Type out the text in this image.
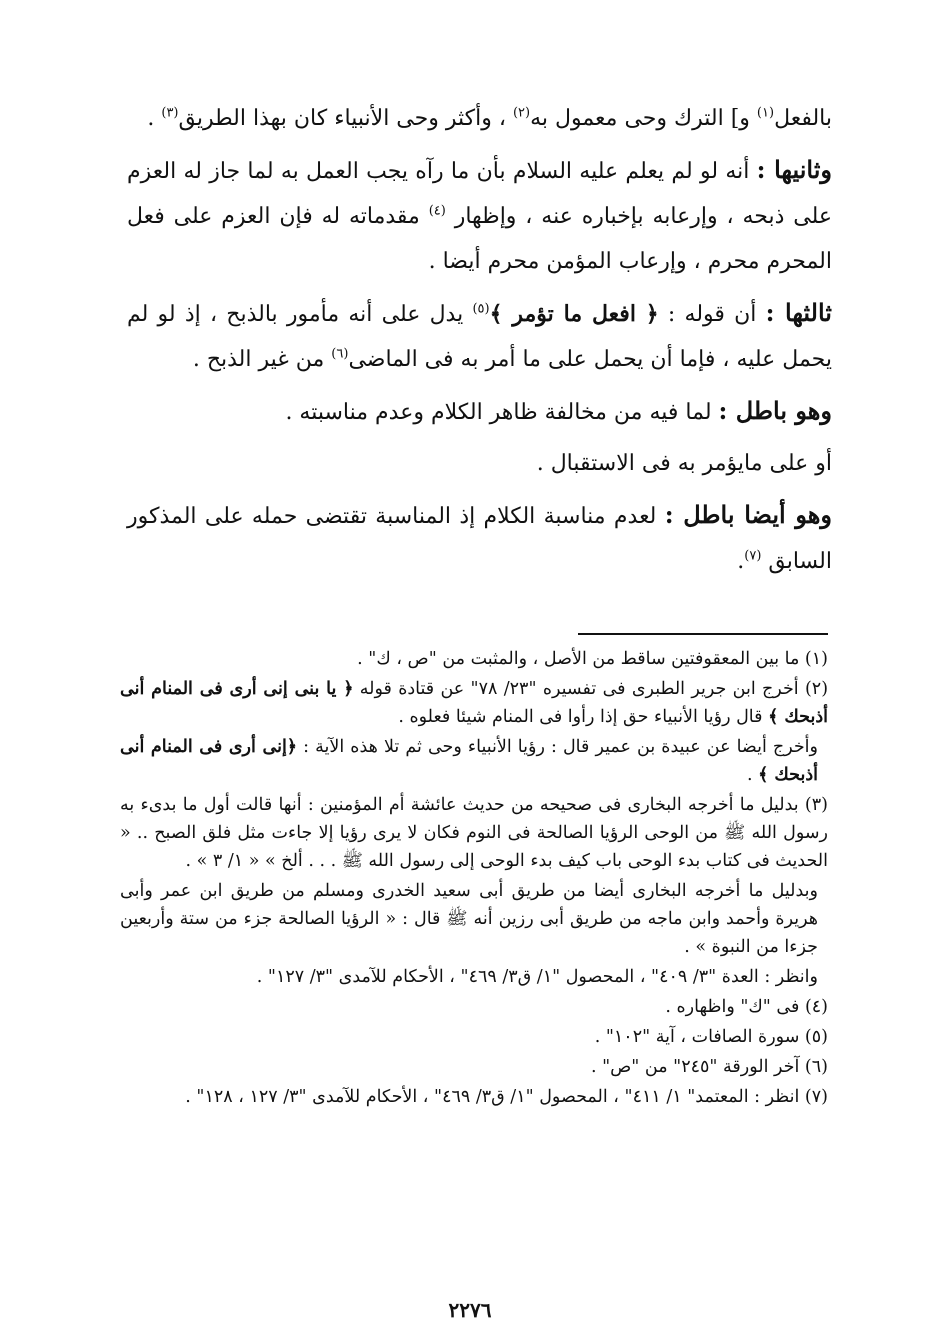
بالفعل$^{(١)}$ و] الترك وحى معمول به$^{(٢)}$ ، وأكثر وحى الأنبياء كان بهذا الطريق$^{(٣)}$ .

وثانيها : أنه لو لم يعلم عليه السلام بأن ما رآه يجب العمل به لما جاز له العزم على ذبحه ، وإرعابه بإخباره عنه ، وإظهار $^{(٤)}$ مقدماته له فإن العزم على فعل المحرم محرم ، وإرعاب المؤمن محرم أيضا .

ثالثها : أن قوله : ﴿ افعل ما تؤمر ﴾$^{(٥)}$ يدل على أنه مأمور بالذبح ، إذ لو لم يحمل عليه ، فإما أن يحمل على ما أمر به فى الماضى$^{(٦)}$ من غير الذبح .

وهو باطل : لما فيه من مخالفة ظاهر الكلام وعدم مناسبته .

أو على مايؤمر به فى الاستقبال .

وهو أيضا باطل : لعدم مناسبة الكلام إذ المناسبة تقتضى حمله على المذكور السابق $^{(٧)}$.

(١) ما بين المعقوفتين ساقط من الأصل ، والمثبت من "ص ، ك" .

(٢) أخرج ابن جرير الطبرى فى تفسيره "٢٣/ ٧٨" عن قتادة قوله ﴿ يا بنى إنى أرى فى المنام أنى أذبحك ﴾ قال رؤيا الأنبياء حق إذا رأوا فى المنام شيئا فعلوه .

وأخرج أيضا عن عبيدة بن عمير قال : رؤيا الأنبياء وحى ثم تلا هذه الآية : ﴿إنى أرى فى المنام أنى أذبحك ﴾ .

(٣) بدليل ما أخرجه البخارى فى صحيحه من حديث عائشة أم المؤمنين : أنها قالت أول ما بدىء به رسول الله ﷺ من الوحى الرؤيا الصالحة فى النوم فكان لا يرى رؤيا إلا جاءت مثل فلق الصبح .. « الحديث فى كتاب بدء الوحى باب كيف بدء الوحى إلى رسول الله ﷺ . . . ألخ » « ١/ ٣ » .

وبدليل ما أخرجه البخارى أيضا من طريق أبى سعيد الخدرى ومسلم من طريق ابن عمر وأبى هريرة وأحمد وابن ماجه من طريق أبى رزين أنه ﷺ قال : « الرؤيا الصالحة جزء من ستة وأربعين جزءا من النبوة » .

وانظر : العدة "٣/ ٤٠٩" ، المحصول "١/ ق٣/ ٤٦٩" ، الأحكام للآمدى "٣/ ١٢٧" .

(٤) فى "ك" واظهاره .

(٥) سورة الصافات ، آية "١٠٢" .

(٦) آخر الورقة "٢٤٥" من "ص" .

(٧) انظر : المعتمد" ١/ ٤١١" ، المحصول "١/ ق٣/ ٤٦٩" ، الأحكام للآمدى "٣/ ١٢٧ ، ١٢٨" .

٢٢٧٦
